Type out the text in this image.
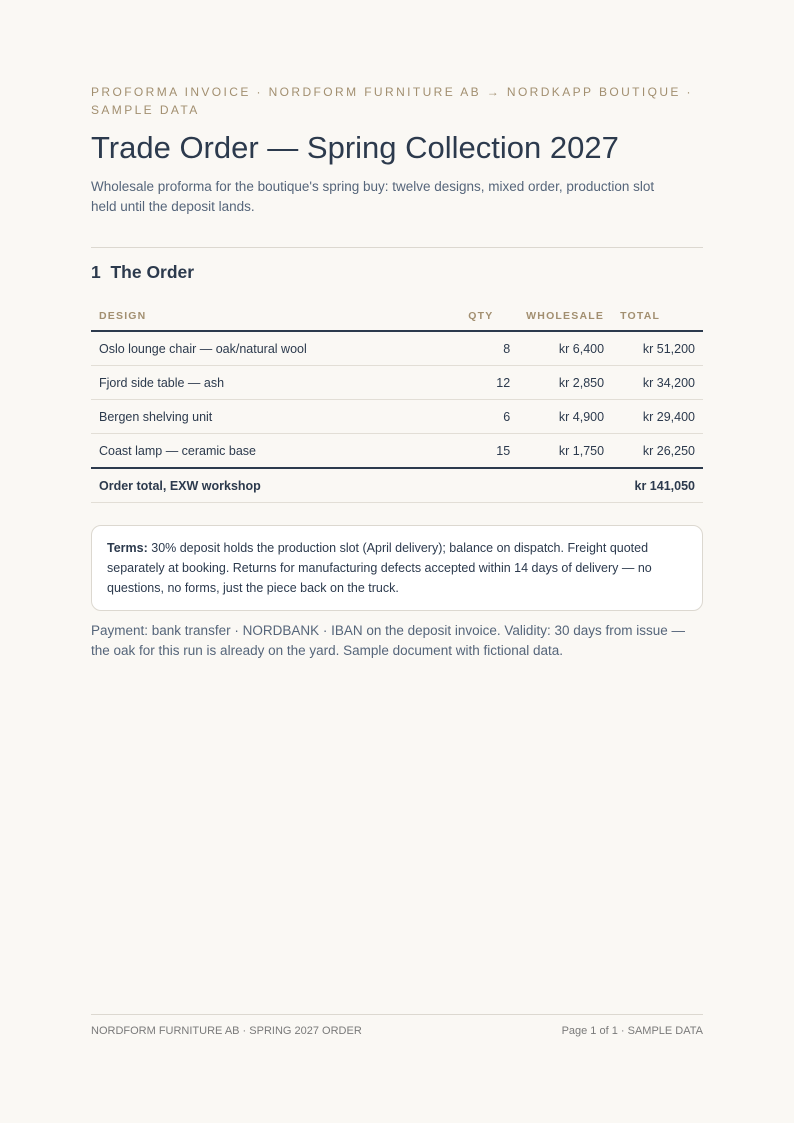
PROFORMA INVOICE · NORDFORM FURNITURE AB → NORDKAPP BOUTIQUE · SAMPLE DATA
Trade Order — Spring Collection 2027
Wholesale proforma for the boutique's spring buy: twelve designs, mixed order, production slot held until the deposit lands.
1 The Order
DESIGN	QTY	WHOLESALE	TOTAL
Oslo lounge chair — oak/natural wool	8	kr 6,400	kr 51,200
Fjord side table — ash	12	kr 2,850	kr 34,200
Bergen shelving unit	6	kr 4,900	kr 29,400
Coast lamp — ceramic base	15	kr 1,750	kr 26,250
Order total, EXW workshop			kr 141,050
Terms: 30% deposit holds the production slot (April delivery); balance on dispatch. Freight quoted separately at booking. Returns for manufacturing defects accepted within 14 days of delivery — no questions, no forms, just the piece back on the truck.
Payment: bank transfer · NORDBANK · IBAN on the deposit invoice. Validity: 30 days from issue — the oak for this run is already on the yard. Sample document with fictional data.
NORDFORM FURNITURE AB · SPRING 2027 ORDER	Page 1 of 1 · SAMPLE DATA
